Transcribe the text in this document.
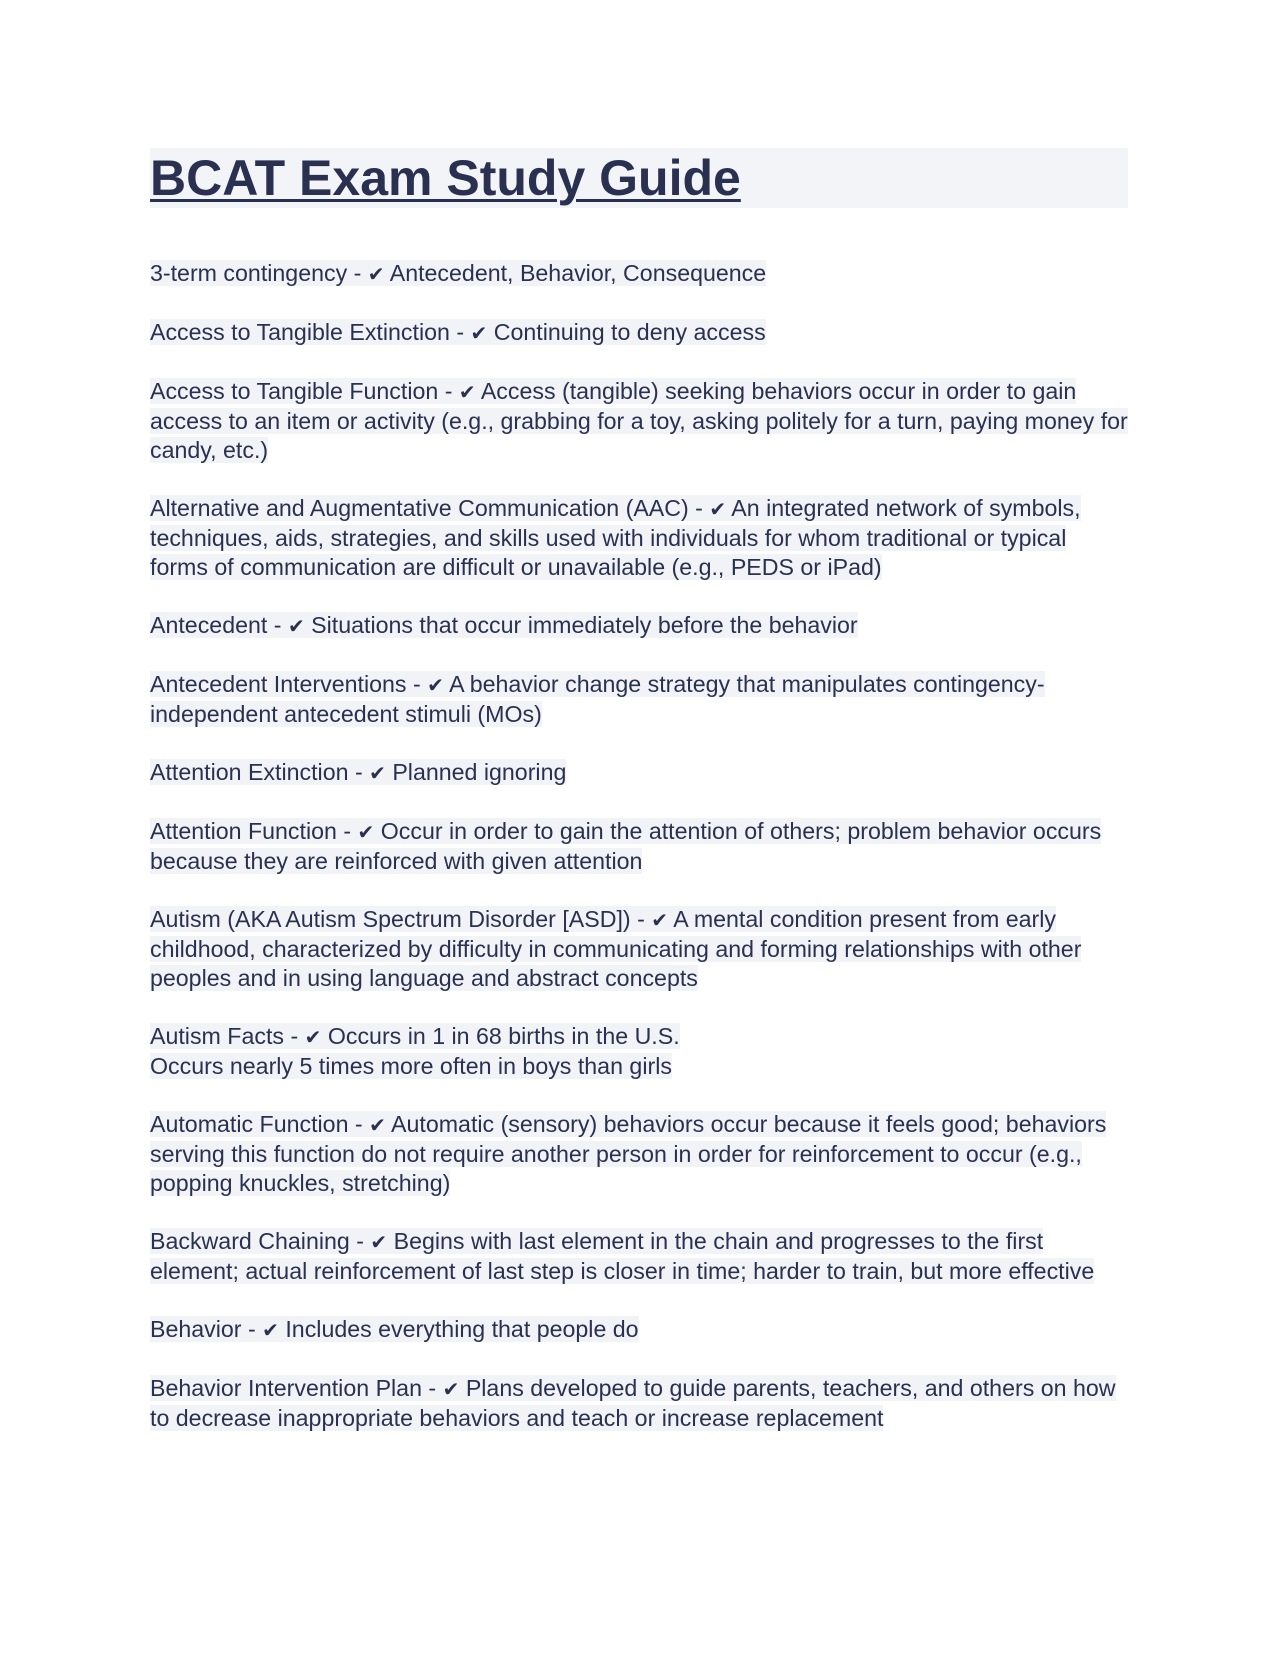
BCAT Exam Study Guide

3-term contingency - ✔ Antecedent, Behavior, Consequence

Access to Tangible Extinction - ✔ Continuing to deny access

Access to Tangible Function - ✔ Access (tangible) seeking behaviors occur in order to gain access to an item or activity (e.g., grabbing for a toy, asking politely for a turn, paying money for candy, etc.)

Alternative and Augmentative Communication (AAC) - ✔ An integrated network of symbols, techniques, aids, strategies, and skills used with individuals for whom traditional or typical forms of communication are difficult or unavailable (e.g., PEDS or iPad)

Antecedent - ✔ Situations that occur immediately before the behavior

Antecedent Interventions - ✔ A behavior change strategy that manipulates contingency-independent antecedent stimuli (MOs)

Attention Extinction - ✔ Planned ignoring

Attention Function - ✔ Occur in order to gain the attention of others; problem behavior occurs because they are reinforced with given attention

Autism (AKA Autism Spectrum Disorder [ASD]) - ✔ A mental condition present from early childhood, characterized by difficulty in communicating and forming relationships with other peoples and in using language and abstract concepts

Autism Facts - ✔ Occurs in 1 in 68 births in the U.S.
Occurs nearly 5 times more often in boys than girls

Automatic Function - ✔ Automatic (sensory) behaviors occur because it feels good; behaviors serving this function do not require another person in order for reinforcement to occur (e.g., popping knuckles, stretching)

Backward Chaining - ✔ Begins with last element in the chain and progresses to the first element; actual reinforcement of last step is closer in time; harder to train, but more effective

Behavior - ✔ Includes everything that people do

Behavior Intervention Plan - ✔ Plans developed to guide parents, teachers, and others on how to decrease inappropriate behaviors and teach or increase replacement
